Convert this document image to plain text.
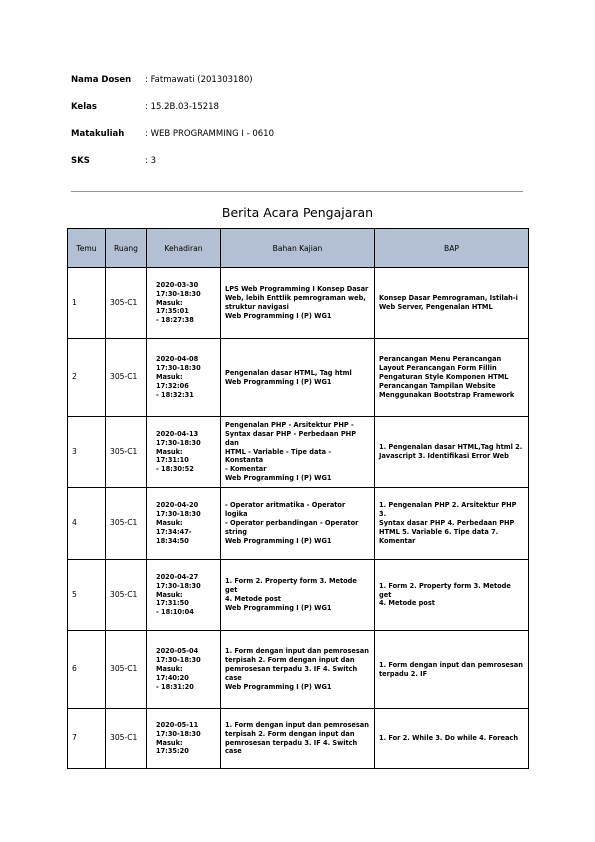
Nama Dosen : Fatmawati (201303180)
Kelas	: 15.2B.03-15218
Matakuliah : WEB PROGRAMMING I - 0610
SKS	: 3
Berita Acara Pengajaran
Temu	Ruang	Kehadiran	Bahan Kajian	BAP
1	305-C1	2020-03-30
17:30-18:30
Masuk: 17:35:01
- 18:27:38	LPS Web Programming I Konsep Dasar
Web, lebih Enttlik pemrograman web,
struktur navigasi
Web Programming I (P) WG1	Konsep Dasar Pemrograman, Istilah-i
Web Server, Pengenalan HTML

2	305-C1	2020-04-08
17:30-18:30
Masuk: 17:32:06
- 18:32:31	Pengenalan dasar HTML, Tag html
Web Programming I (P) WG1	Perancangan Menu Perancangan
Layout Perancangan Form Fillin
Pengaturan Style Komponen HTML
Perancangan Tampilan Website
Menggunakan Bootstrap Framework

3	305-C1	2020-04-13
17:30-18:30
Masuk: 17:31:10
- 18:30:52	Pengenalan PHP - Arsitektur PHP -
Syntax dasar PHP - Perbedaan PHP dan
HTML - Variable - Tipe data - Konstanta
- Komentar
Web Programming I (P) WG1	1. Pengenalan dasar HTML,Tag html 2.
Javascript 3. Identifikasi Error Web

4	305-C1	2020-04-20
17:30-18:30
Masuk: 17:34:47-
18:34:50	- Operator aritmatika - Operator logika
- Operator perbandingan - Operator
string
Web Programming I (P) WG1	1. Pengenalan PHP 2. Arsitektur PHP 3.
Syntax dasar PHP 4. Perbedaan PHP
HTML 5. Variable 6. Tipe data 7.
Komentar

5	305-C1	2020-04-27
17:30-18:30
Masuk: 17:31:50
- 18:10:04	1. Form 2. Property form 3. Metode get
4. Metode post
Web Programming I (P) WG1	1. Form 2. Property form 3. Metode get
4. Metode post

6	305-C1	2020-05-04
17:30-18:30
Masuk: 17:40:20
- 18:31:20	1. Form dengan input dan pemrosesan
terpisah 2. Form dengan input dan
pemrosesan terpadu 3. IF 4. Switch
case
Web Programming I (P) WG1	1. Form dengan input dan pemrosesan
terpadu 2. IF

7	305-C1	2020-05-11
17:30-18:30
Masuk: 17:35:20	1. Form dengan input dan pemrosesan
terpisah 2. Form dengan input dan
pemrosesan terpadu 3. IF 4. Switch
case	1. For 2. While 3. Do while 4. Foreach
